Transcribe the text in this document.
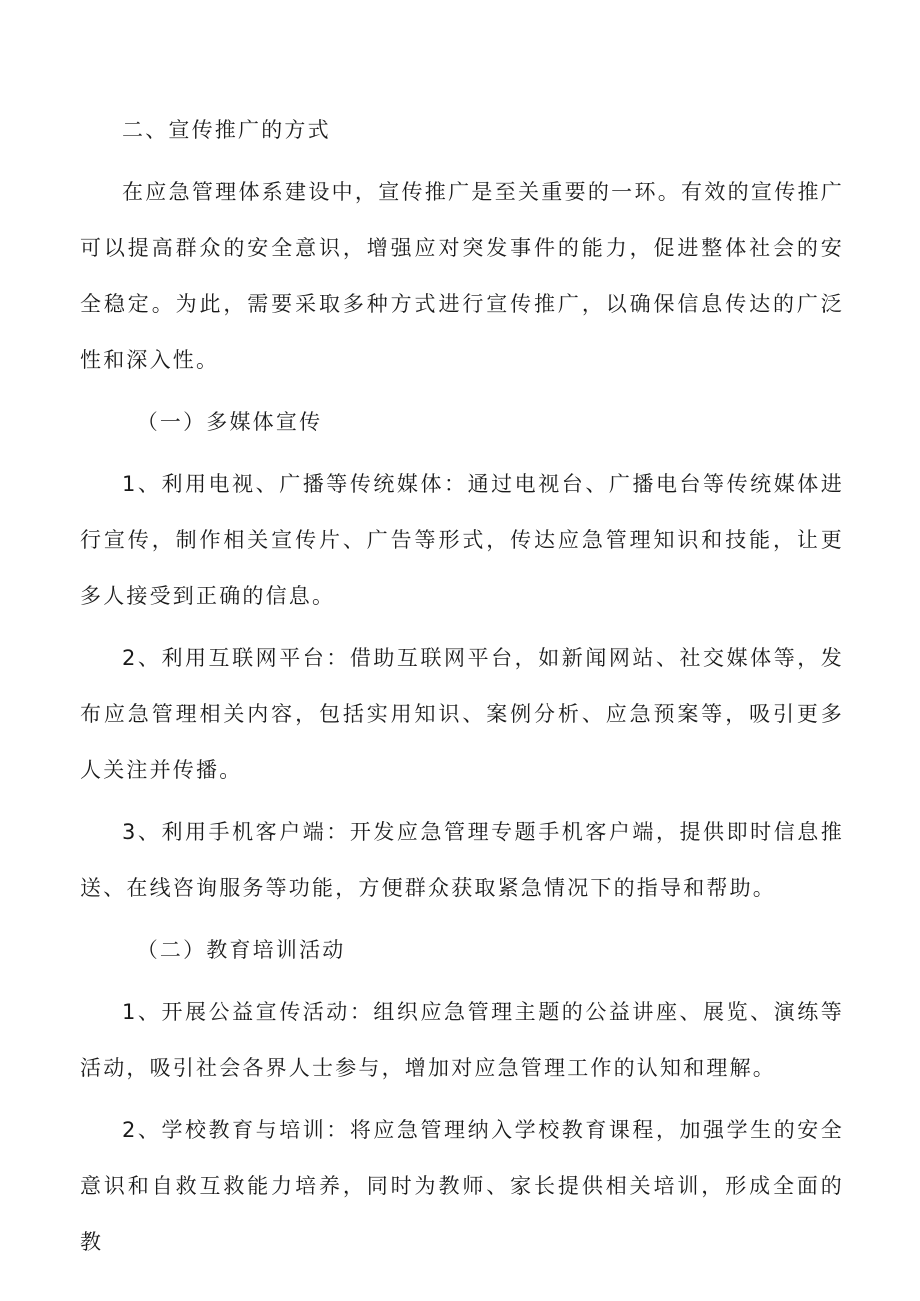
二、宣传推广的方式

在应急管理体系建设中，宣传推广是至关重要的一环。有效的宣传推广可以提高群众的安全意识，增强应对突发事件的能力，促进整体社会的安全稳定。为此，需要采取多种方式进行宣传推广，以确保信息传达的广泛性和深入性。

（一）多媒体宣传

1、利用电视、广播等传统媒体：通过电视台、广播电台等传统媒体进行宣传，制作相关宣传片、广告等形式，传达应急管理知识和技能，让更多人接受到正确的信息。

2、利用互联网平台：借助互联网平台，如新闻网站、社交媒体等，发布应急管理相关内容，包括实用知识、案例分析、应急预案等，吸引更多人关注并传播。

3、利用手机客户端：开发应急管理专题手机客户端，提供即时信息推送、在线咨询服务等功能，方便群众获取紧急情况下的指导和帮助。

（二）教育培训活动

1、开展公益宣传活动：组织应急管理主题的公益讲座、展览、演练等活动，吸引社会各界人士参与，增加对应急管理工作的认知和理解。

2、学校教育与培训：将应急管理纳入学校教育课程，加强学生的安全意识和自救互救能力培养，同时为教师、家长提供相关培训，形成全面的教
